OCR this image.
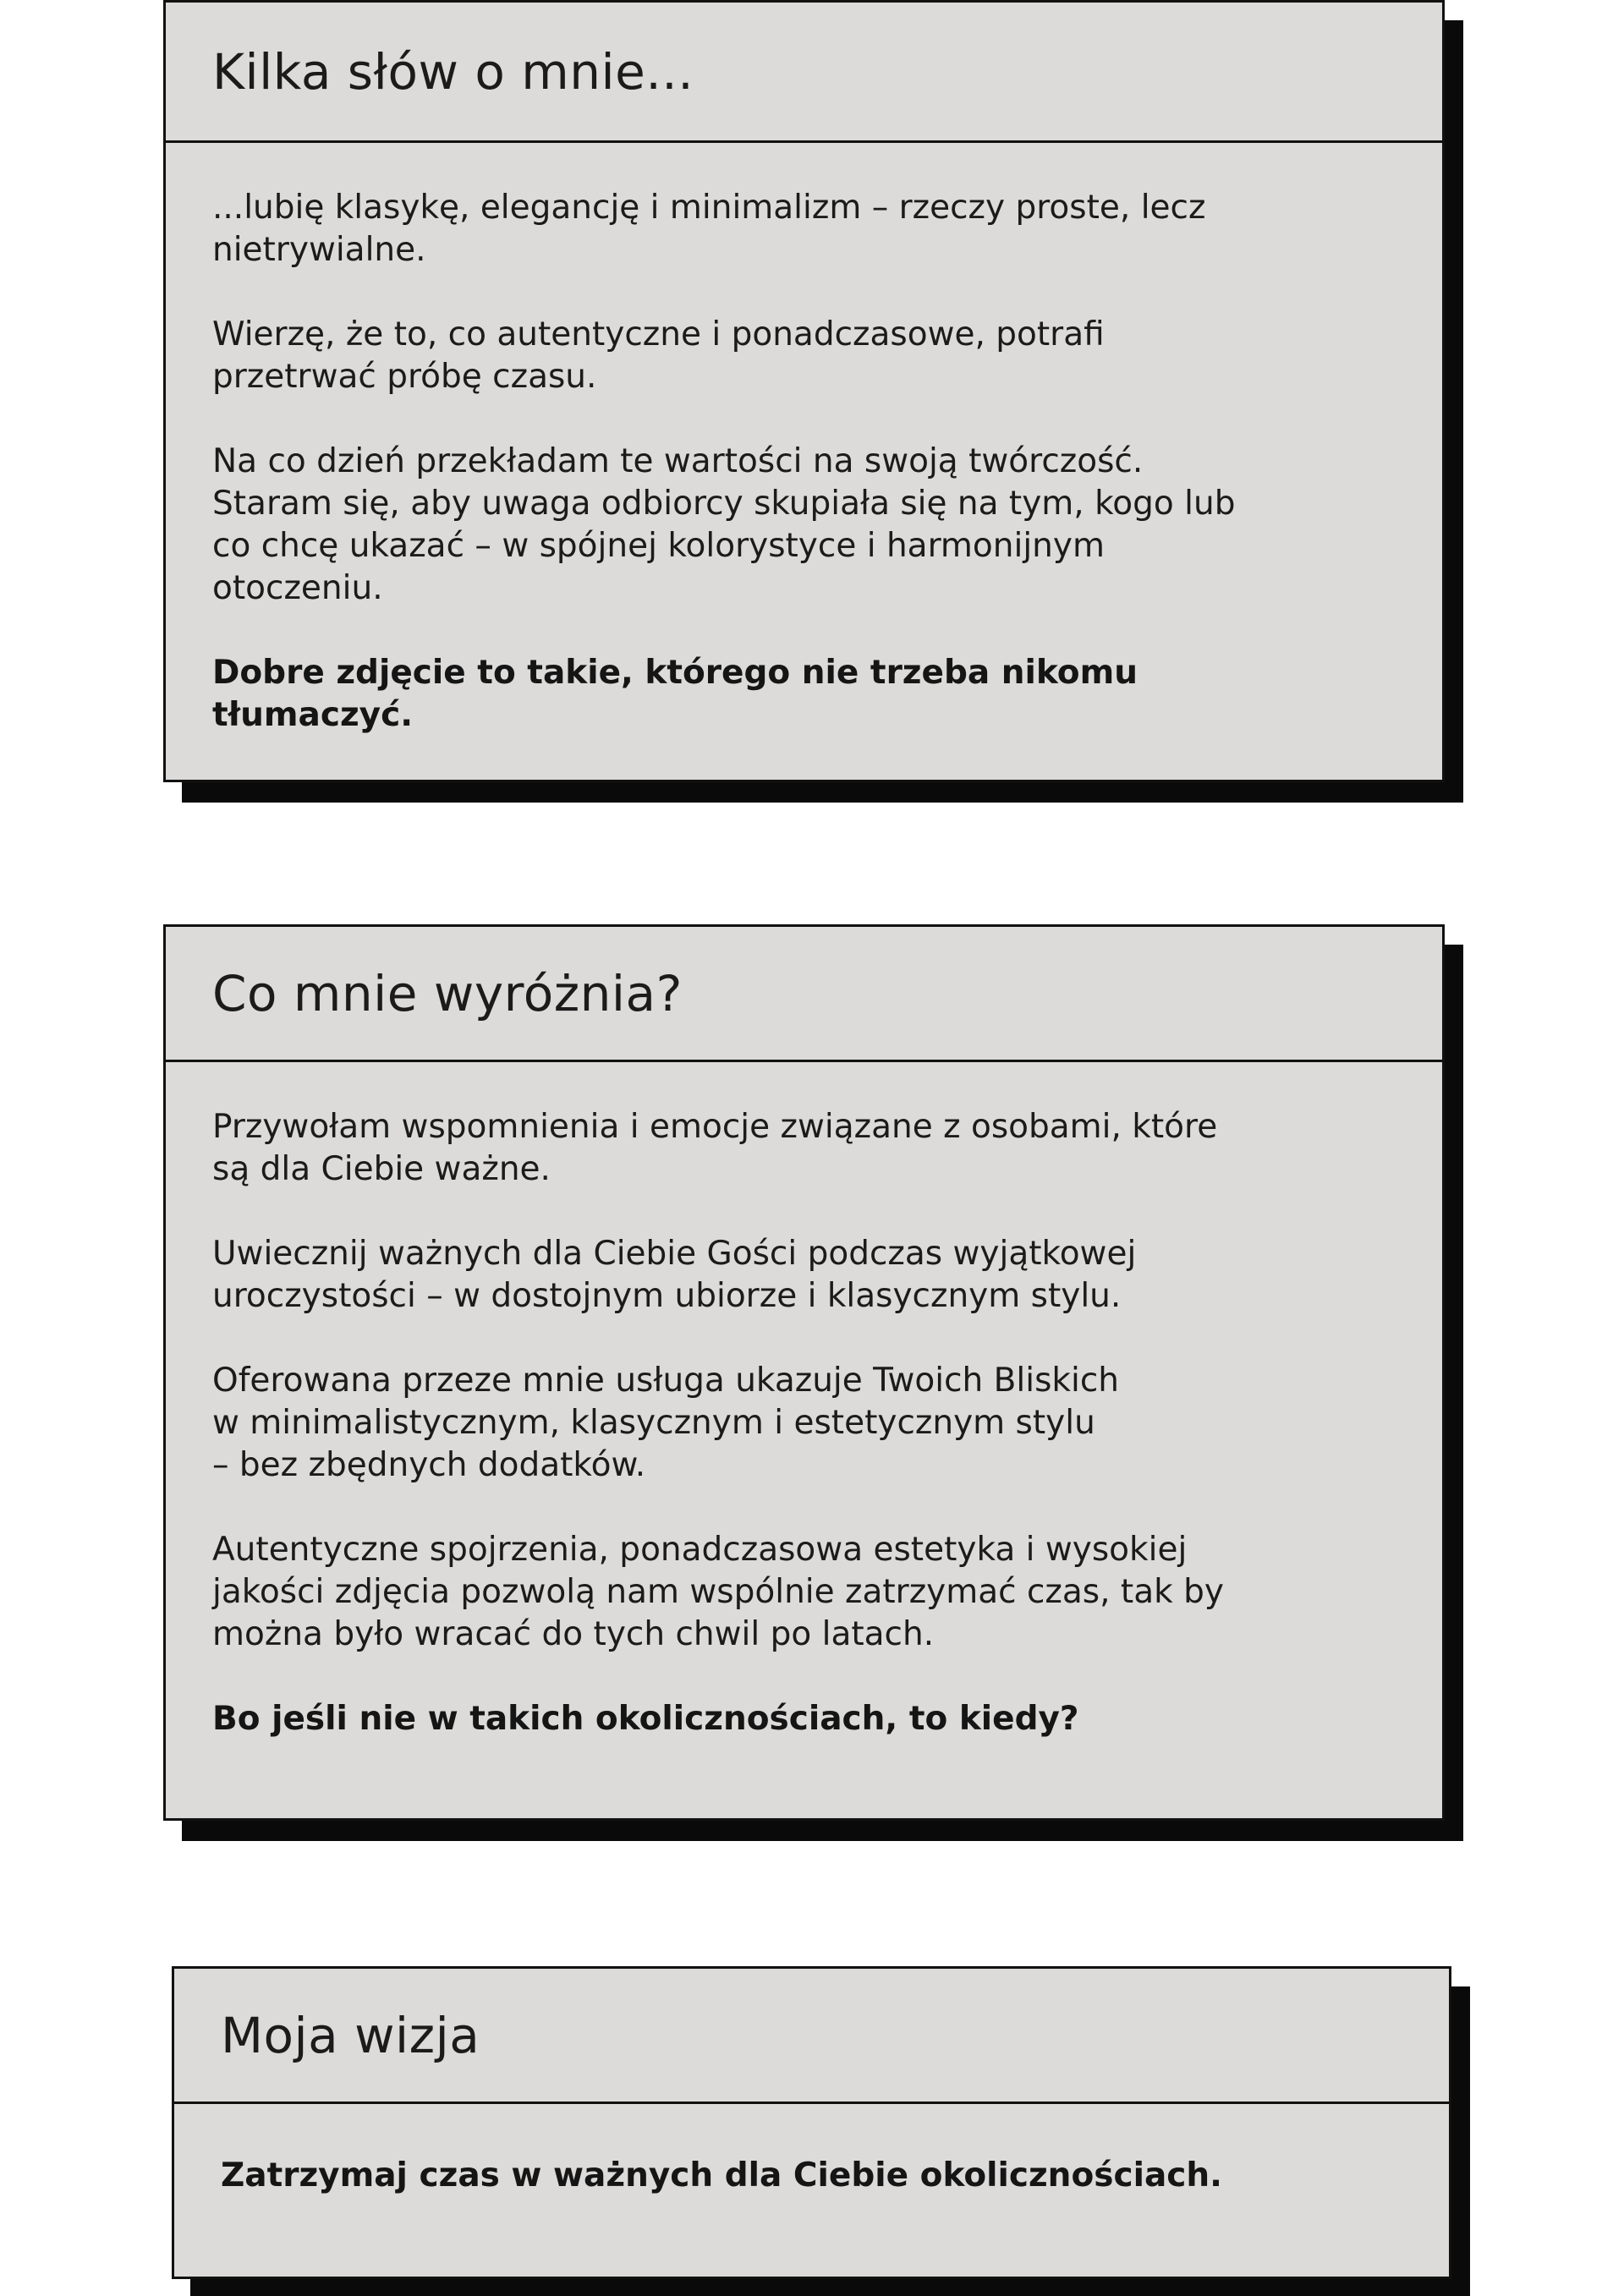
Kilka słów o mnie...

...lubię klasykę, elegancję i minimalizm – rzeczy proste, lecz
nietrywialne.

Wierzę, że to, co autentyczne i ponadczasowe, potrafi
przetrwać próbę czasu.

Na co dzień przekładam te wartości na swoją twórczość.
Staram się, aby uwaga odbiorcy skupiała się na tym, kogo lub
co chcę ukazać – w spójnej kolorystyce i harmonijnym
otoczeniu.

Dobre zdjęcie to takie, którego nie trzeba nikomu
tłumaczyć.

Co mnie wyróżnia?

Przywołam wspomnienia i emocje związane z osobami, które
są dla Ciebie ważne.

Uwiecznij ważnych dla Ciebie Gości podczas wyjątkowej
uroczystości – w dostojnym ubiorze i klasycznym stylu.

Oferowana przeze mnie usługa ukazuje Twoich Bliskich
w minimalistycznym, klasycznym i estetycznym stylu
– bez zbędnych dodatków.

Autentyczne spojrzenia, ponadczasowa estetyka i wysokiej
jakości zdjęcia pozwolą nam wspólnie zatrzymać czas, tak by
można było wracać do tych chwil po latach.

Bo jeśli nie w takich okolicznościach, to kiedy?

Moja wizja

Zatrzymaj czas w ważnych dla Ciebie okolicznościach.
